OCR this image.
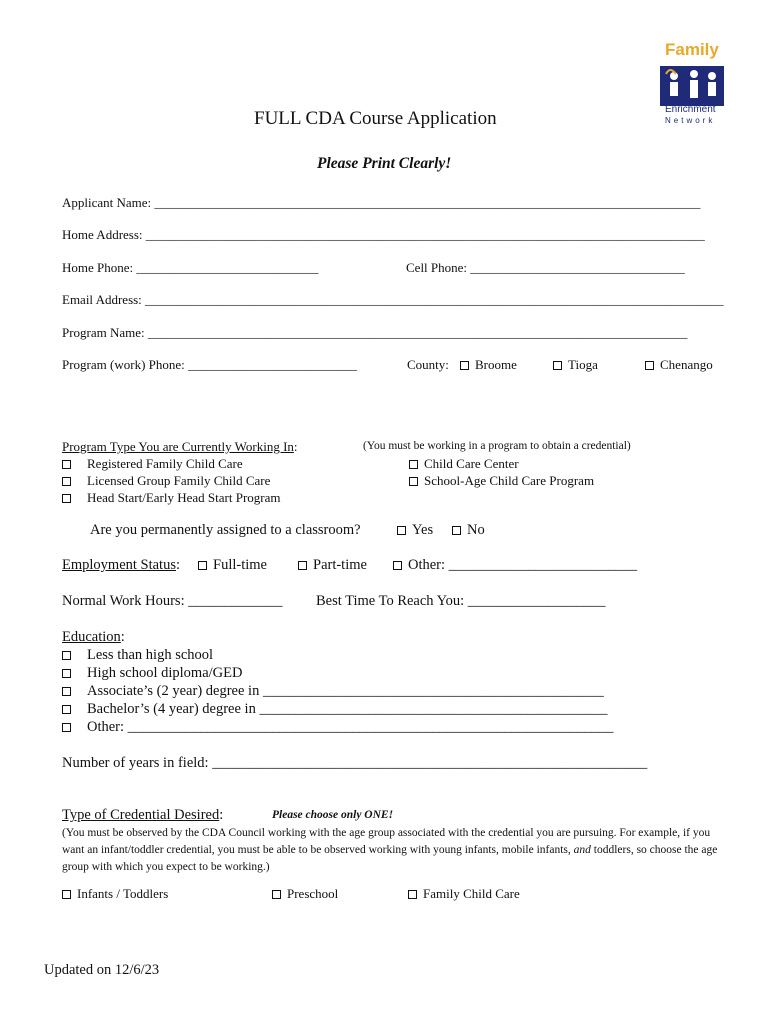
Family
Enrichment
Network
FULL CDA Course Application
Please Print Clearly!
Applicant Name: ____________________________________________________________________________________
Home Address: ______________________________________________________________________________________
Home Phone: ____________________________	Cell Phone: _________________________________
Email Address: _________________________________________________________________________________________
Program Name: ___________________________________________________________________________________
Program (work) Phone: __________________________	County:	Broome	Tioga	Chenango
Program Type You are Currently Working In:	(You must be working in a program to obtain a credential)
Registered Family Child Care
Licensed Group Family Child Care
Head Start/Early Head Start Program
Child Care Center
School-Age Child Care Program
Are you permanently assigned to a classroom?	Yes	No
Employment Status:	Full-time	Part-time	Other: __________________________
Normal Work Hours: _____________ Best Time To Reach You: ___________________
Education:
Less than high school
High school diploma/GED
Associate’s (2 year) degree in _______________________________________________
Bachelor’s (4 year) degree in ________________________________________________
Other: ___________________________________________________________________
Number of years in field: ____________________________________________________________
Type of Credential Desired:	Please choose only ONE!
(You must be observed by the CDA Council working with the age group associated with the credential you are pursuing. For example, if you want an infant/toddler credential, you must be able to be observed working with young infants, mobile infants, and toddlers, so choose the age group with which you expect to be working.)
Infants / Toddlers	Preschool	Family Child Care
Updated on 12/6/23
